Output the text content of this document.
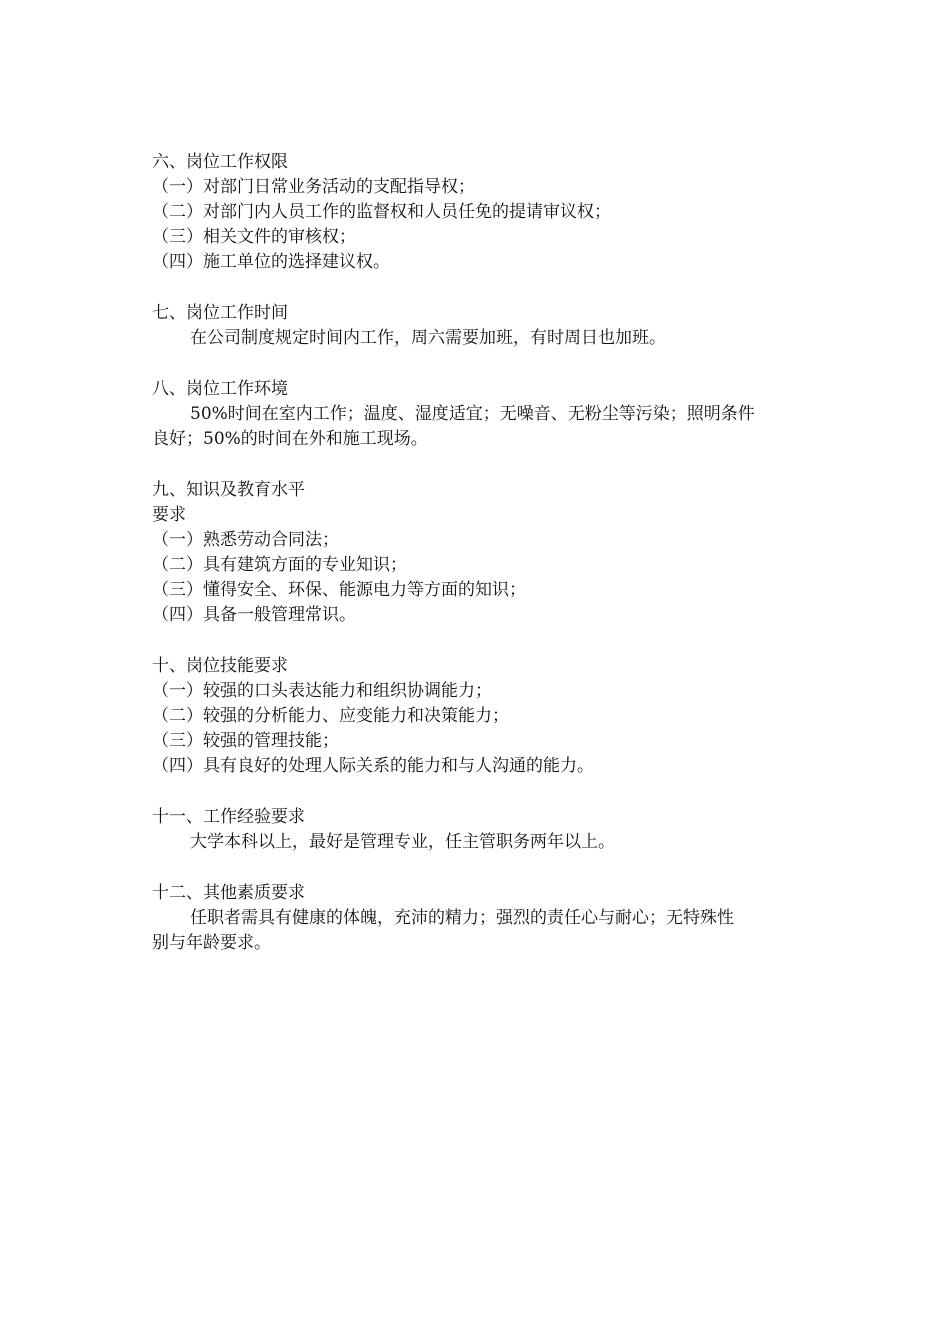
六、岗位工作权限
（一）对部门日常业务活动的支配指导权；
（二）对部门内人员工作的监督权和人员任免的提请审议权；
（三）相关文件的审核权；
（四）施工单位的选择建议权。
七、岗位工作时间
在公司制度规定时间内工作，周六需要加班，有时周日也加班。
八、岗位工作环境
50%时间在室内工作；温度、湿度适宜；无噪音、无粉尘等污染；照明条件
良好；50%的时间在外和施工现场。
九、知识及教育水平
要求
（一）熟悉劳动合同法；
（二）具有建筑方面的专业知识；
（三）懂得安全、环保、能源电力等方面的知识；
（四）具备一般管理常识。
十、岗位技能要求
（一）较强的口头表达能力和组织协调能力；
（二）较强的分析能力、应变能力和决策能力；
（三）较强的管理技能；
（四）具有良好的处理人际关系的能力和与人沟通的能力。
十一、工作经验要求
大学本科以上，最好是管理专业，任主管职务两年以上。
十二、其他素质要求
任职者需具有健康的体魄，充沛的精力；强烈的责任心与耐心；无特殊性
别与年龄要求。
